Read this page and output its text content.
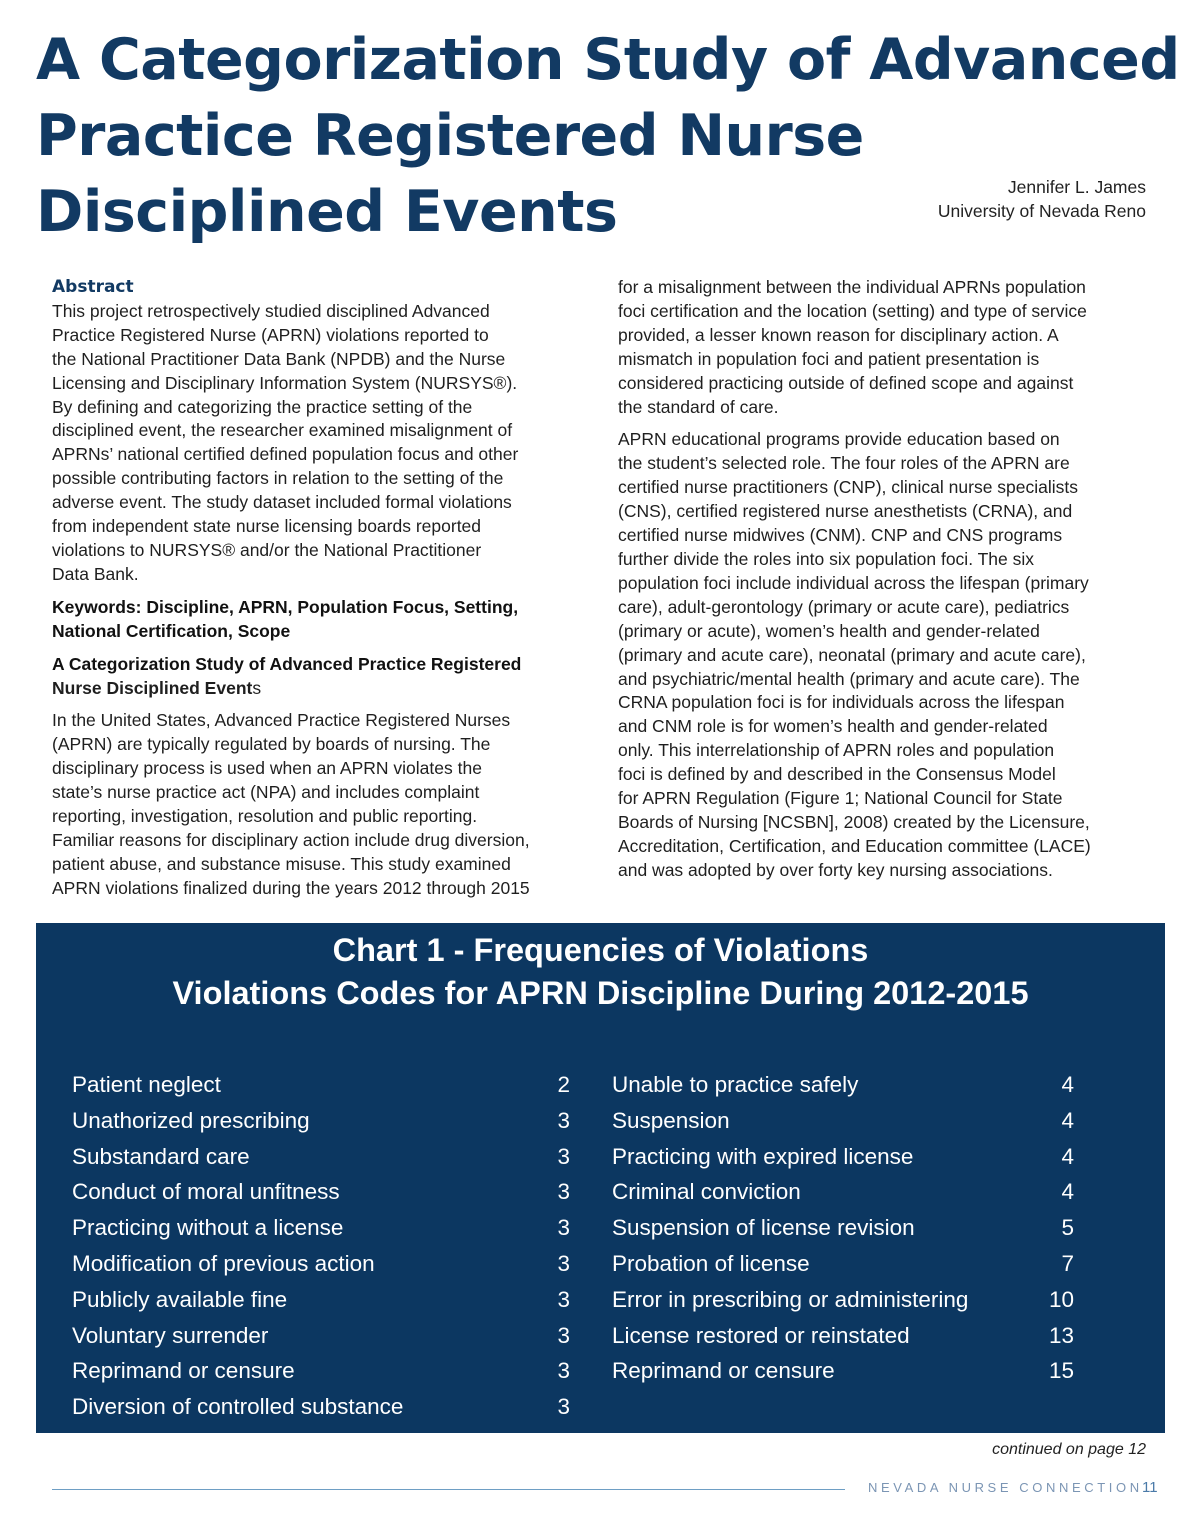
A Categorization Study of Advanced
Practice Registered Nurse
Disciplined Events	Jennifer L. James
University of Nevada Reno

Abstract
This project retrospectively studied disciplined Advanced
Practice Registered Nurse (APRN) violations reported to
the National Practitioner Data Bank (NPDB) and the Nurse
Licensing and Disciplinary Information System (NURSYS®).
By defining and categorizing the practice setting of the
disciplined event, the researcher examined misalignment of
APRNs’ national certified defined population focus and other
possible contributing factors in relation to the setting of the
adverse event. The study dataset included formal violations
from independent state nurse licensing boards reported
violations to NURSYS® and/or the National Practitioner
Data Bank.

Keywords: Discipline, APRN, Population Focus, Setting,
National Certification, Scope

A Categorization Study of Advanced Practice Registered
Nurse Disciplined Events

In the United States, Advanced Practice Registered Nurses
(APRN) are typically regulated by boards of nursing. The
disciplinary process is used when an APRN violates the
state’s nurse practice act (NPA) and includes complaint
reporting, investigation, resolution and public reporting.
Familiar reasons for disciplinary action include drug diversion,
patient abuse, and substance misuse. This study examined
APRN violations finalized during the years 2012 through 2015

for a misalignment between the individual APRNs population
foci certification and the location (setting) and type of service
provided, a lesser known reason for disciplinary action. A
mismatch in population foci and patient presentation is
considered practicing outside of defined scope and against
the standard of care.

APRN educational programs provide education based on
the student’s selected role. The four roles of the APRN are
certified nurse practitioners (CNP), clinical nurse specialists
(CNS), certified registered nurse anesthetists (CRNA), and
certified nurse midwives (CNM). CNP and CNS programs
further divide the roles into six population foci. The six
population foci include individual across the lifespan (primary
care), adult-gerontology (primary or acute care), pediatrics
(primary or acute), women’s health and gender-related
(primary and acute care), neonatal (primary and acute care),
and psychiatric/mental health (primary and acute care). The
CRNA population foci is for individuals across the lifespan
and CNM role is for women’s health and gender-related
only. This interrelationship of APRN roles and population
foci is defined by and described in the Consensus Model
for APRN Regulation (Figure 1; National Council for State
Boards of Nursing [NCSBN], 2008) created by the Licensure,
Accreditation, Certification, and Education committee (LACE)
and was adopted by over forty key nursing associations.

Chart 1 - Frequencies of Violations
Violations Codes for APRN Discipline During 2012-2015
Patient neglect	2
Unathorized prescribing	3
Substandard care	3
Conduct of moral unfitness	3
Practicing without a license	3
Modification of previous action	3
Publicly available fine	3
Voluntary surrender	3
Reprimand or censure	3
Diversion of controlled substance	3
Unable to practice safely	4
Suspension	4
Practicing with expired license	4
Criminal conviction	4
Suspension of license revision	5
Probation of license	7
Error in prescribing or administering	10
License restored or reinstated	13
Reprimand or censure	15
continued on page 12
NEVADA NURSE CONNECTION 11
